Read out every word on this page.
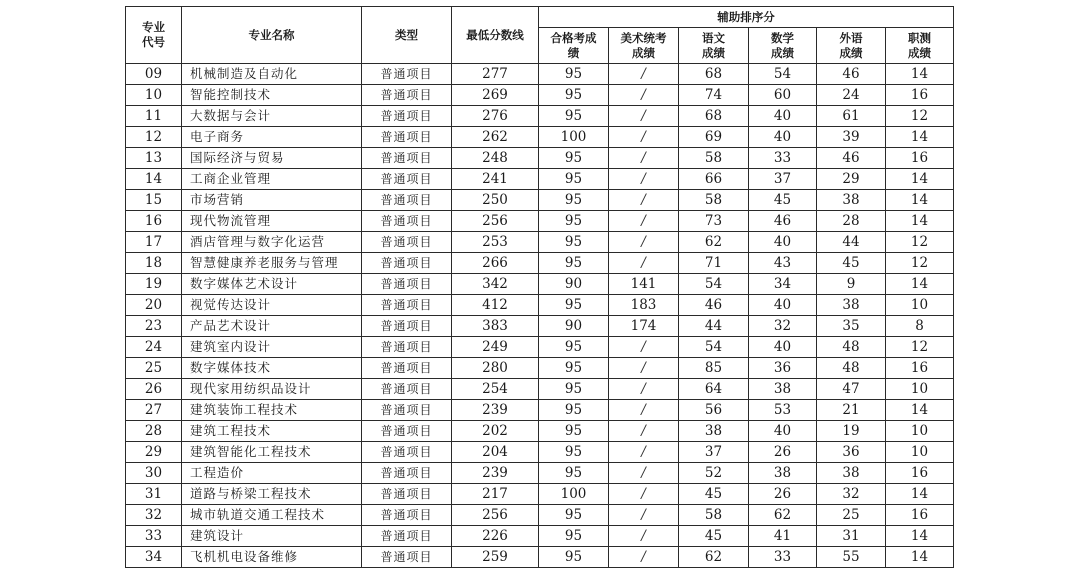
专业代号	专业名称	类型	最低分数线	辅助排序分					
				合格考成绩	美术统考成绩	语文成绩	数学成绩	外语成绩	职测成绩
09	机械制造及自动化	普通项目	277	95	/	68	54	46	14
10	智能控制技术	普通项目	269	95	/	74	60	24	16
11	大数据与会计	普通项目	276	95	/	68	40	61	12
12	电子商务	普通项目	262	100	/	69	40	39	14
13	国际经济与贸易	普通项目	248	95	/	58	33	46	16
14	工商企业管理	普通项目	241	95	/	66	37	29	14
15	市场营销	普通项目	250	95	/	58	45	38	14
16	现代物流管理	普通项目	256	95	/	73	46	28	14
17	酒店管理与数字化运营	普通项目	253	95	/	62	40	44	12
18	智慧健康养老服务与管理	普通项目	266	95	/	71	43	45	12
19	数字媒体艺术设计	普通项目	342	90	141	54	34	9	14
20	视觉传达设计	普通项目	412	95	183	46	40	38	10
23	产品艺术设计	普通项目	383	90	174	44	32	35	8
24	建筑室内设计	普通项目	249	95	/	54	40	48	12
25	数字媒体技术	普通项目	280	95	/	85	36	48	16
26	现代家用纺织品设计	普通项目	254	95	/	64	38	47	10
27	建筑装饰工程技术	普通项目	239	95	/	56	53	21	14
28	建筑工程技术	普通项目	202	95	/	38	40	19	10
29	建筑智能化工程技术	普通项目	204	95	/	37	26	36	10
30	工程造价	普通项目	239	95	/	52	38	38	16
31	道路与桥梁工程技术	普通项目	217	100	/	45	26	32	14
32	城市轨道交通工程技术	普通项目	256	95	/	58	62	25	16
33	建筑设计	普通项目	226	95	/	45	41	31	14
34	飞机机电设备维修	普通项目	259	95	/	62	33	55	14
